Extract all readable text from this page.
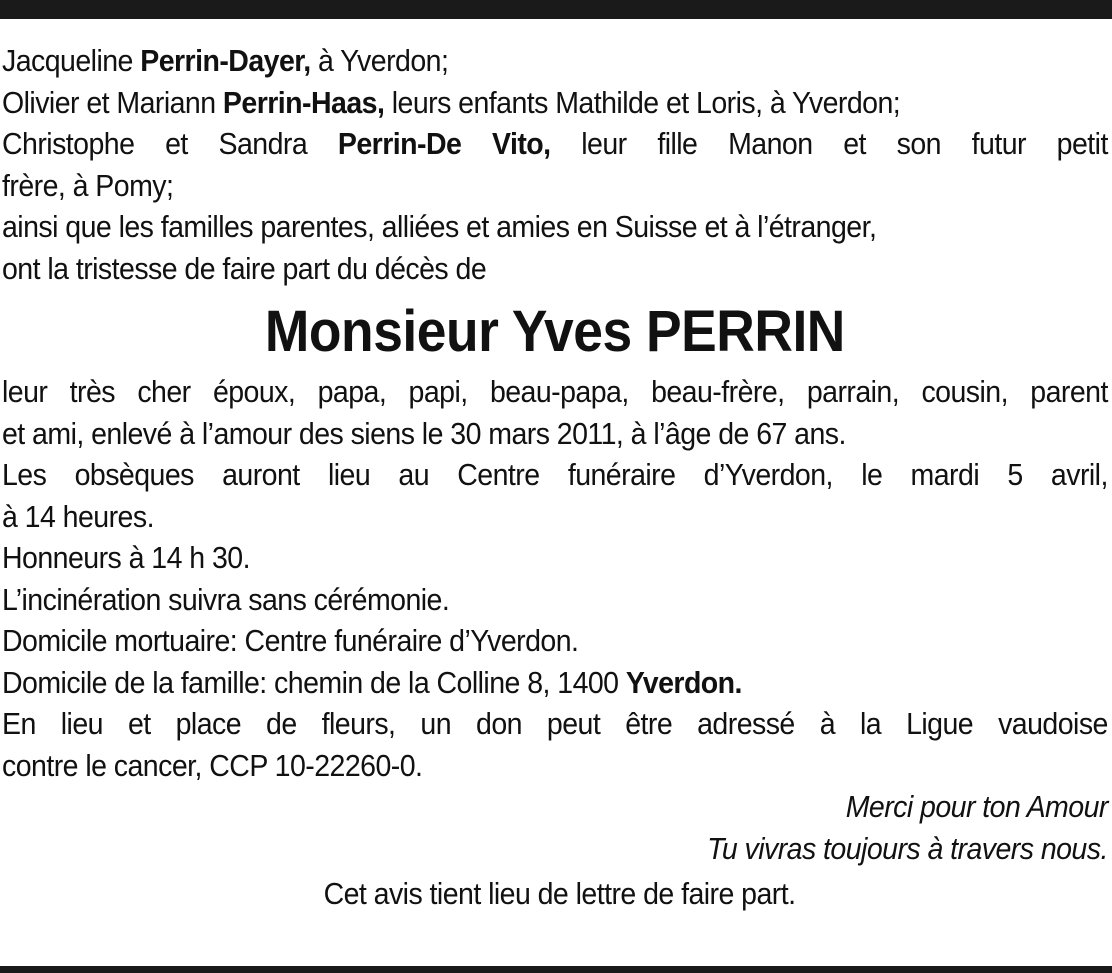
Jacqueline Perrin-Dayer, à Yverdon;
Olivier et Mariann Perrin-Haas, leurs enfants Mathilde et Loris, à Yverdon;
Christophe et Sandra Perrin-De Vito, leur fille Manon et son futur petit
frère, à Pomy;
ainsi que les familles parentes, alliées et amies en Suisse et à l’étranger,
ont la tristesse de faire part du décès de
Monsieur Yves PERRIN
leur très cher époux, papa, papi, beau-papa, beau-frère, parrain, cousin, parent
et ami, enlevé à l’amour des siens le 30 mars 2011, à l’âge de 67 ans.
Les obsèques auront lieu au Centre funéraire d’Yverdon, le mardi 5 avril,
à 14 heures.
Honneurs à 14 h 30.
L’incinération suivra sans cérémonie.
Domicile mortuaire: Centre funéraire d’Yverdon.
Domicile de la famille: chemin de la Colline 8, 1400 Yverdon.
En lieu et place de fleurs, un don peut être adressé à la Ligue vaudoise
contre le cancer, CCP 10-22260-0.
Merci pour ton Amour
Tu vivras toujours à travers nous.
Cet avis tient lieu de lettre de faire part.
